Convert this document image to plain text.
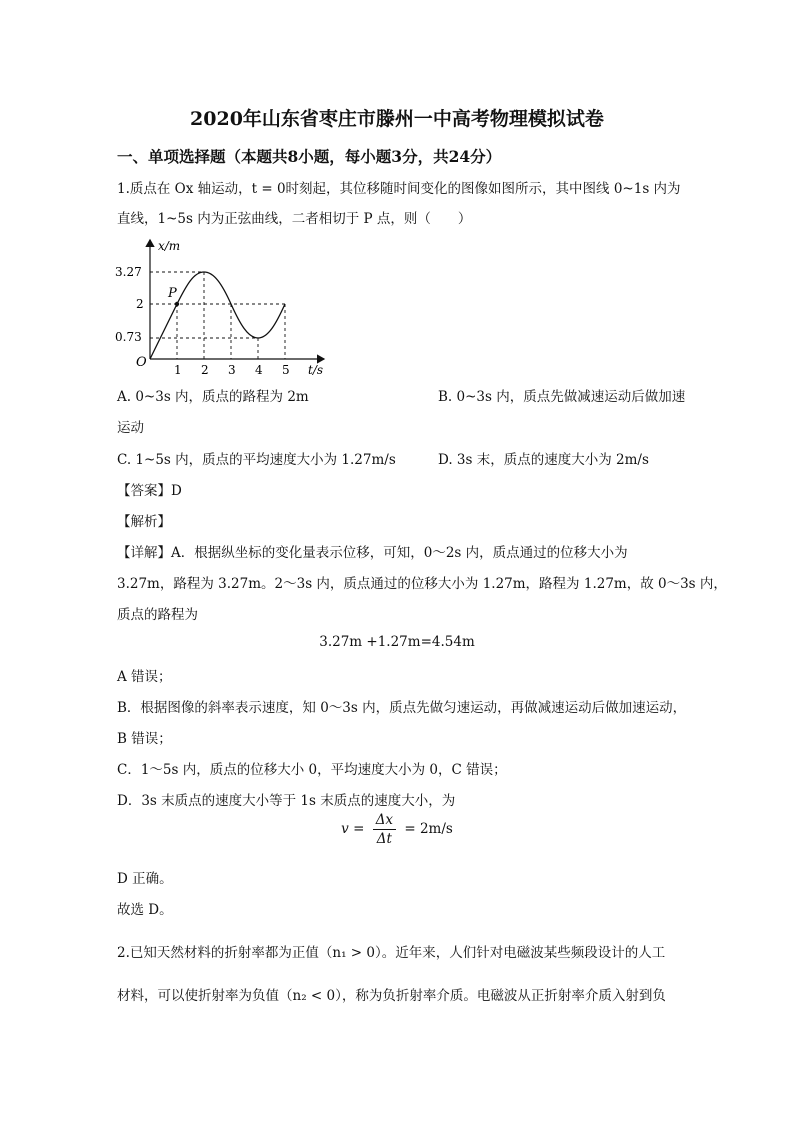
2020年山东省枣庄市滕州一中高考物理模拟试卷
一、单项选择题（本题共8小题，每小题3分，共24分）
1.质点在 Ox 轴运动，t = 0时刻起，其位移随时间变化的图像如图所示，其中图线 0~1s 内为
直线，1~5s 内为正弦曲线，二者相切于 P 点，则（　　）
x/m
t/s
O
3.27
2
0.73
1 2 3 4 5
P
A. 0~3s 内，质点的路程为 2m	B. 0~3s 内，质点先做减速运动后做加速
运动
C. 1~5s 内，质点的平均速度大小为 1.27m/s	D. 3s 末，质点的速度大小为 2m/s
【答案】D
【解析】
【详解】A．根据纵坐标的变化量表示位移，可知，0～2s 内，质点通过的位移大小为
3.27m，路程为 3.27m。2～3s 内，质点通过的位移大小为 1.27m，路程为 1.27m，故 0～3s 内，
质点的路程为
3.27m +1.27m=4.54m
A 错误；
B．根据图像的斜率表示速度，知 0～3s 内，质点先做匀速运动，再做减速运动后做加速运动，
B 错误；
C．1～5s 内，质点的位移大小 0，平均速度大小为 0，C 错误；
D．3s 末质点的速度大小等于 1s 末质点的速度大小，为
$v = \frac{\Delta x}{\Delta t} = 2m/s$
D 正确。
故选 D。
2.已知天然材料的折射率都为正值（n₁ > 0）。近年来，人们针对电磁波某些频段设计的人工
材料，可以使折射率为负值（n₂ < 0），称为负折射率介质。电磁波从正折射率介质入射到负
